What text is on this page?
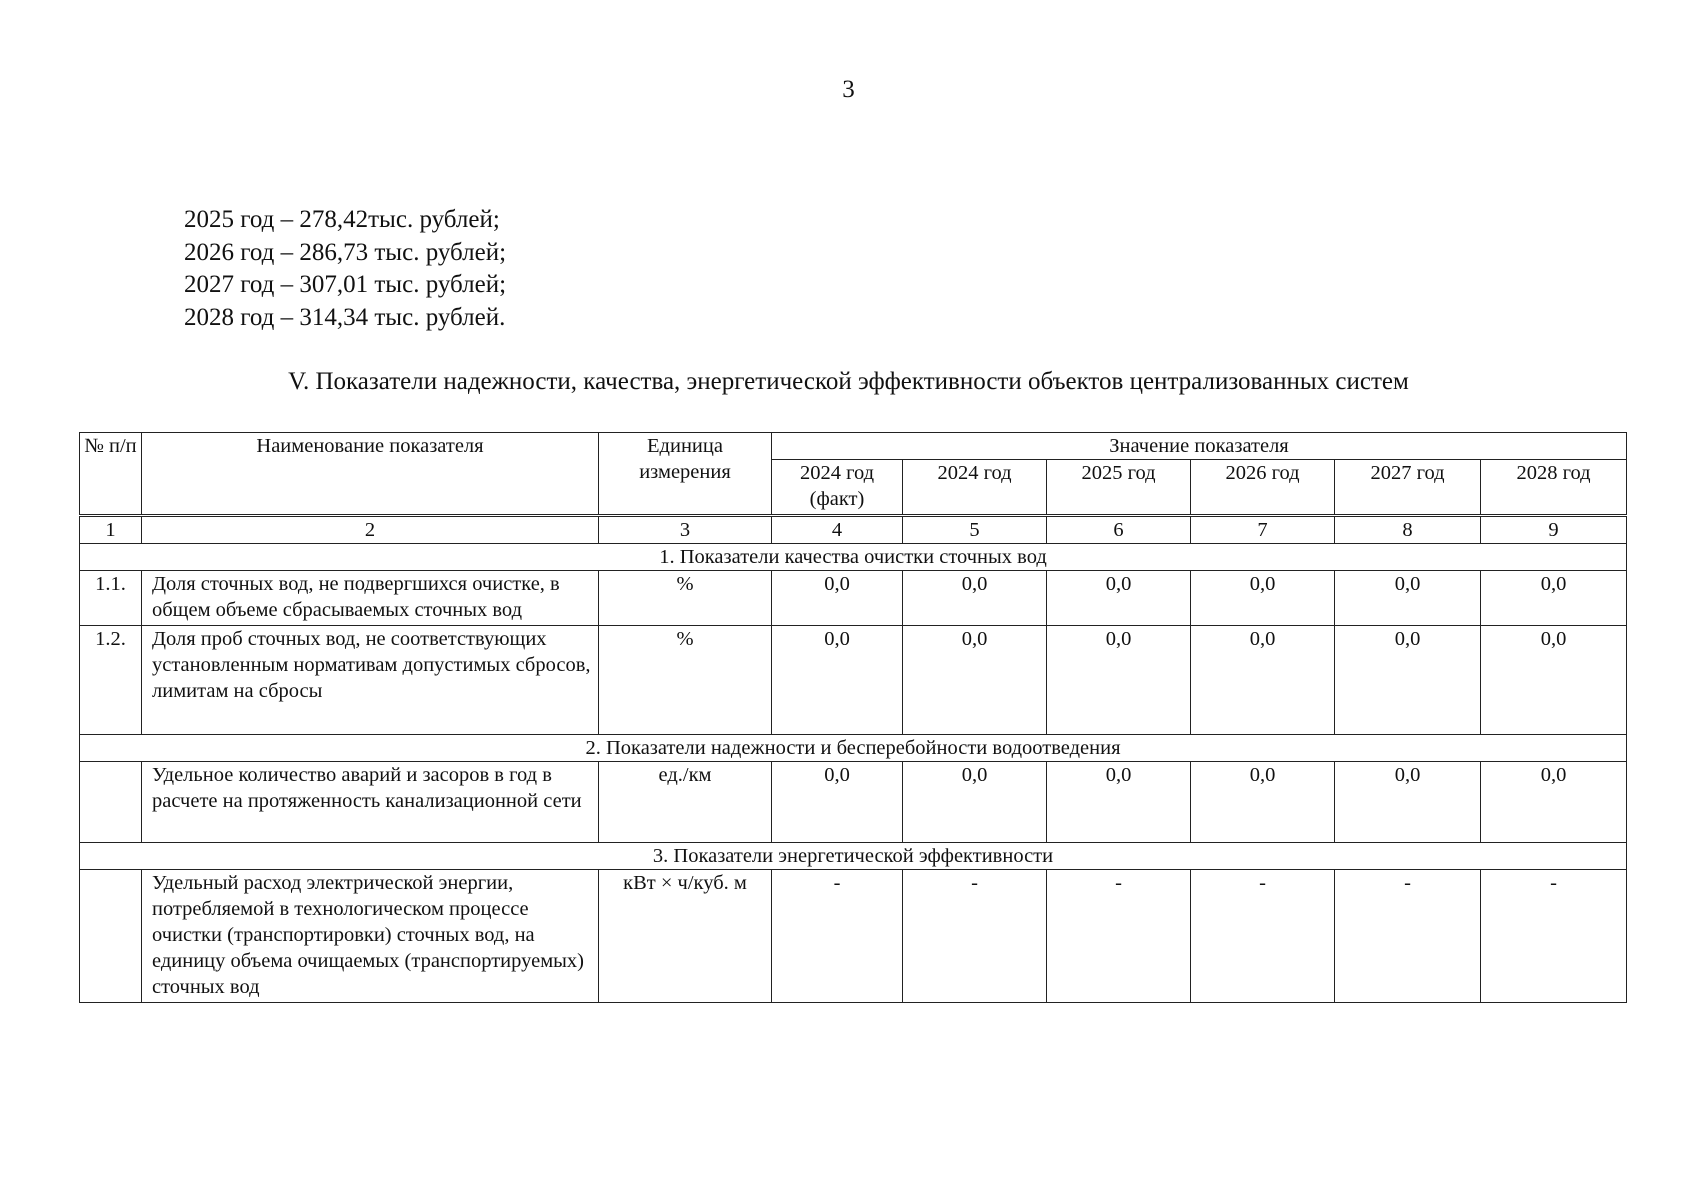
3
2025 год – 278,42тыс. рублей;
2026 год – 286,73 тыс. рублей;
2027 год – 307,01 тыс. рублей;
2028 год – 314,34 тыс. рублей.
V. Показатели надежности, качества, энергетической эффективности объектов централизованных систем
№ п/п	Наименование показателя	Единица измерения	Значение показателя					
			2024 год (факт)	2024 год	2025 год	2026 год	2027 год	2028 год
1	2	3	4	5	6	7	8	9
1. Показатели качества очистки сточных вод								
1.1.	Доля сточных вод, не подвергшихся очистке, в общем объеме сбрасываемых сточных вод	%	0,0	0,0	0,0	0,0	0,0	0,0
1.2.	Доля проб сточных вод, не соответствующих установленным нормативам допустимых сбросов, лимитам на сбросы	%	0,0	0,0	0,0	0,0	0,0	0,0
2. Показатели надежности и бесперебойности водоотведения								
	Удельное количество аварий и засоров в год в расчете на протяженность канализационной сети	ед./км	0,0	0,0	0,0	0,0	0,0	0,0
3. Показатели энергетической эффективности								
	Удельный расход электрической энергии, потребляемой в технологическом процессе очистки (транспортировки) сточных вод, на единицу объема очищаемых (транспортируемых) сточных вод	кВт × ч/куб. м	-	-	-	-	-	-
